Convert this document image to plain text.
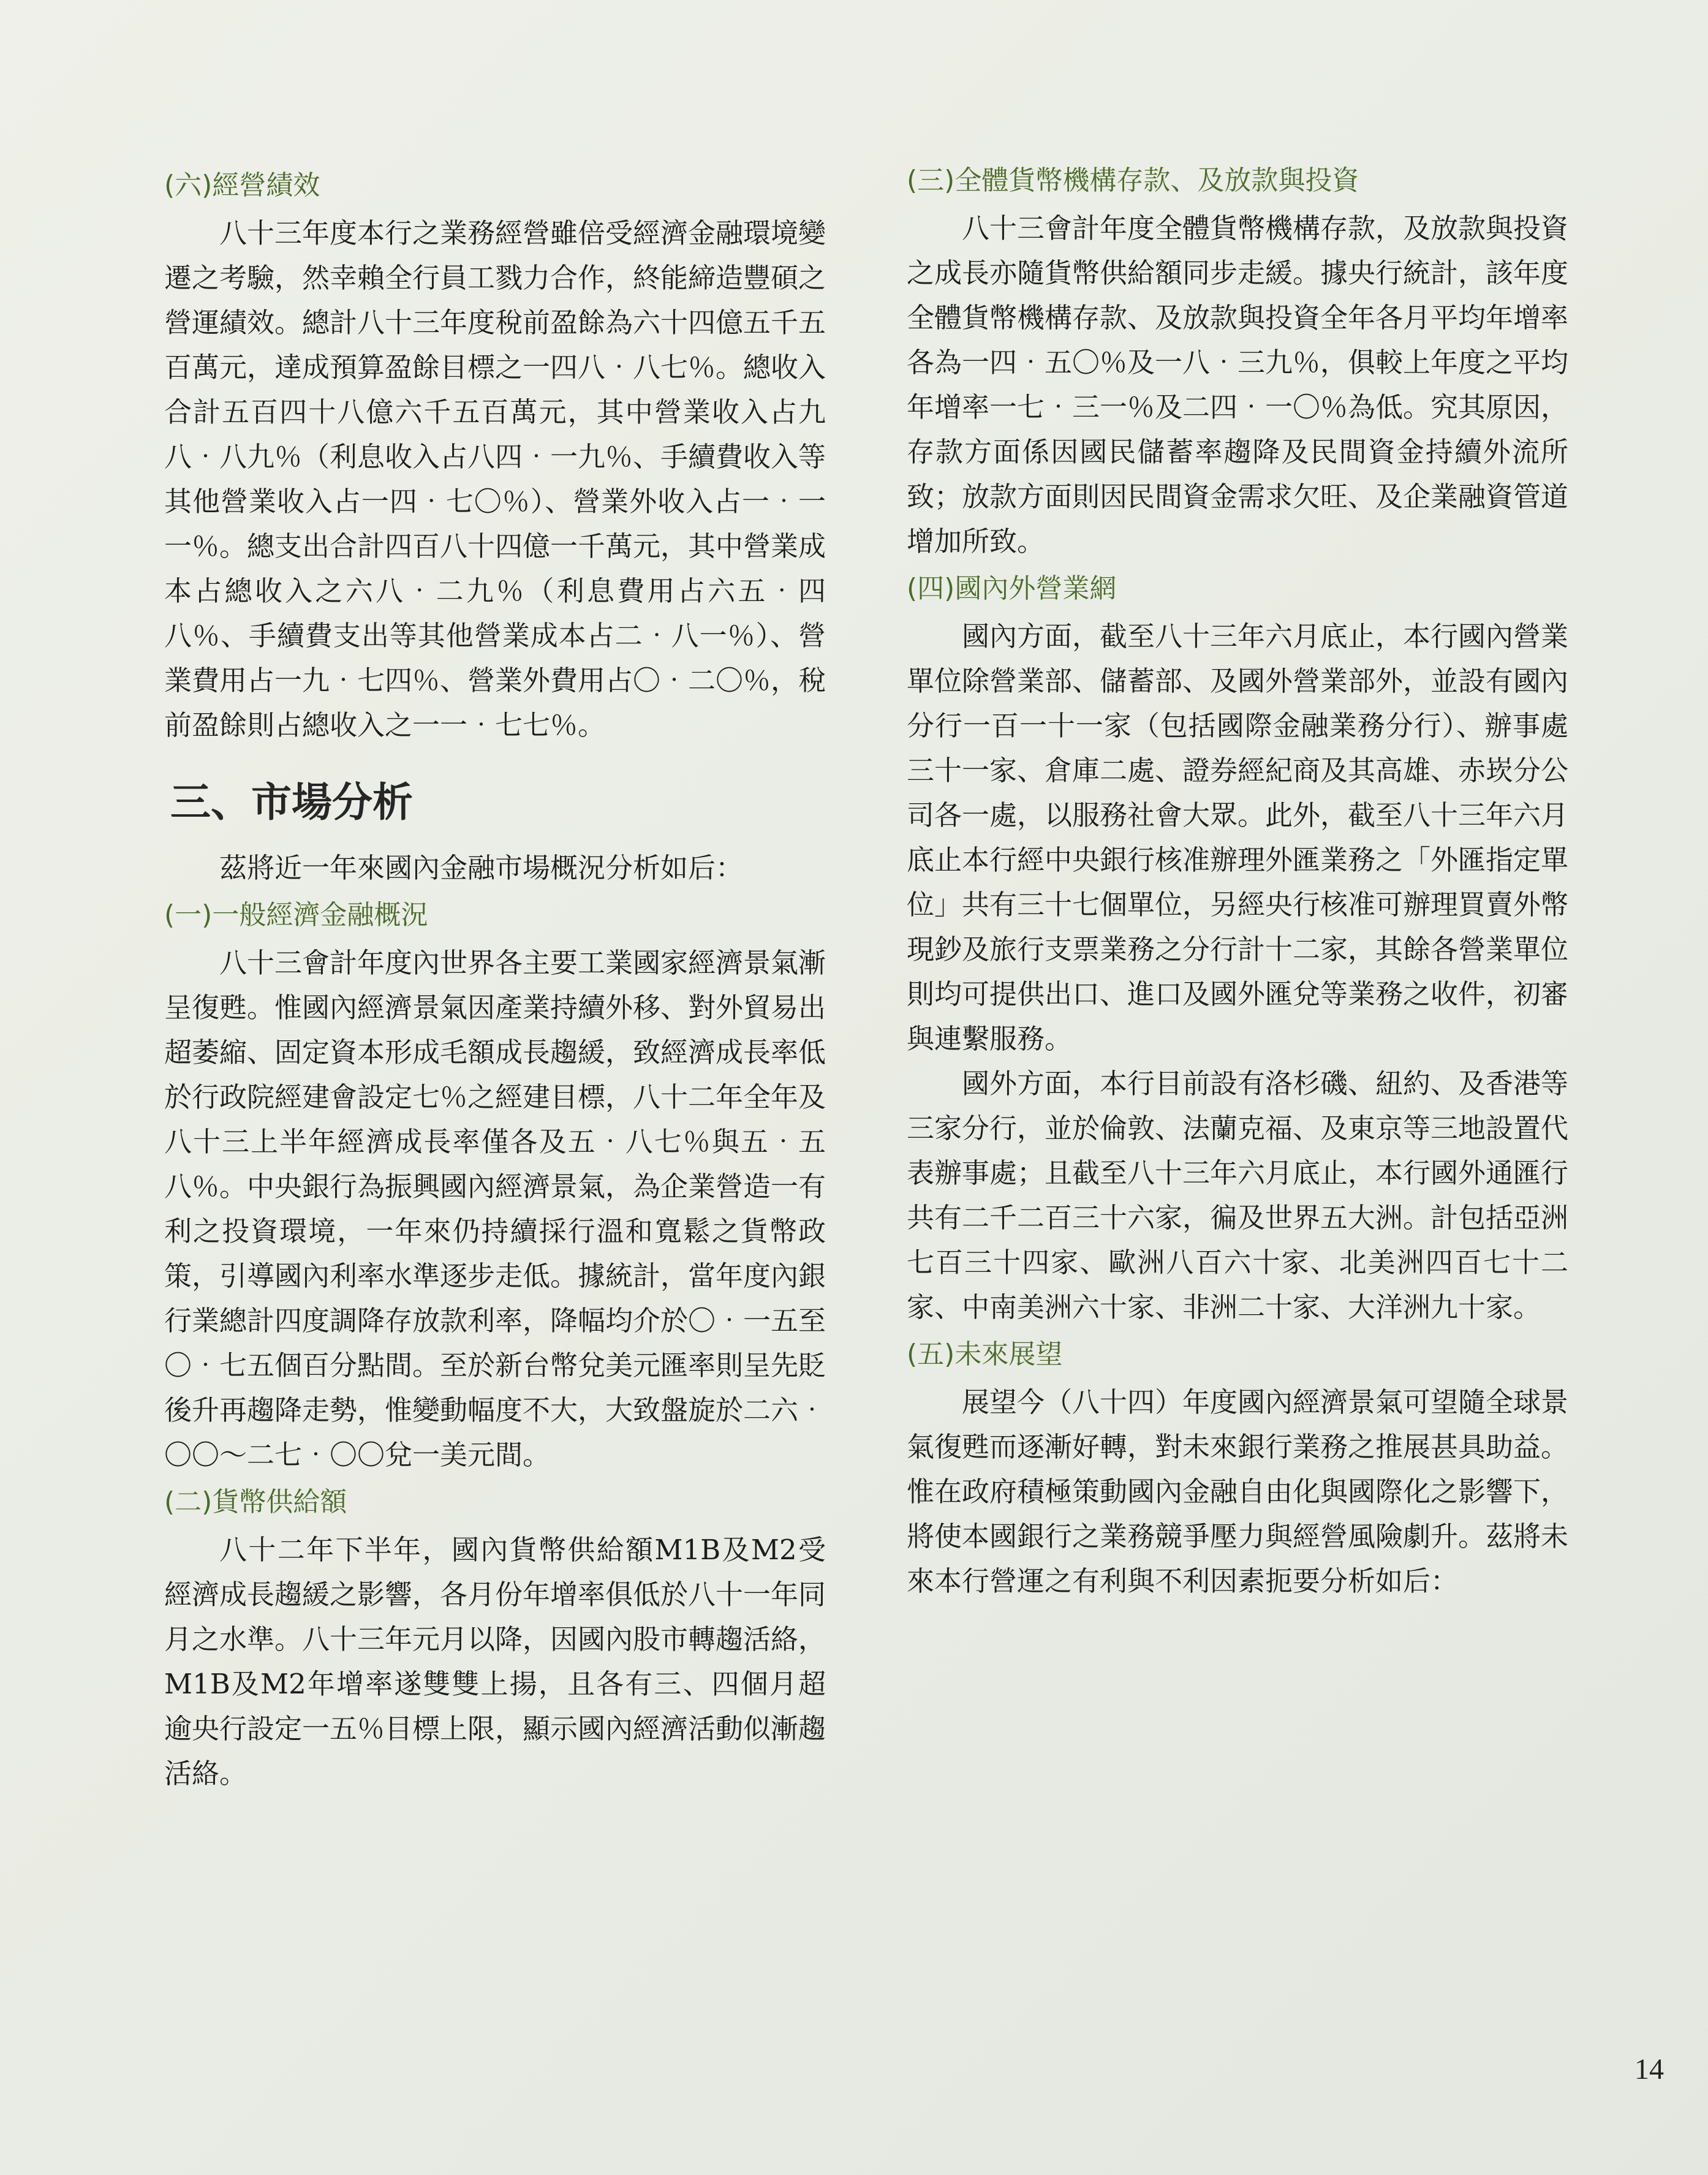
(六)經營績效

八十三年度本行之業務經營雖倍受經濟金融環境變遷之考驗，然幸賴全行員工戮力合作，終能締造豐碩之營運績效。總計八十三年度稅前盈餘為六十四億五千五百萬元，達成預算盈餘目標之一四八‧八七％。總收入合計五百四十八億六千五百萬元，其中營業收入占九八‧八九％（利息收入占八四‧一九％、手續費收入等其他營業收入占一四‧七〇％）、營業外收入占一‧一一％。總支出合計四百八十四億一千萬元，其中營業成本占總收入之六八‧二九％（利息費用占六五‧四八％、手續費支出等其他營業成本占二‧八一％）、營業費用占一九‧七四％、營業外費用占〇‧二〇％，稅前盈餘則占總收入之一一‧七七％。

三、市場分析

茲將近一年來國內金融市場概況分析如后：

(一)一般經濟金融概況

八十三會計年度內世界各主要工業國家經濟景氣漸呈復甦。惟國內經濟景氣因產業持續外移、對外貿易出超萎縮、固定資本形成毛額成長趨緩，致經濟成長率低於行政院經建會設定七％之經建目標，八十二年全年及八十三上半年經濟成長率僅各及五‧八七％與五‧五八％。中央銀行為振興國內經濟景氣，為企業營造一有利之投資環境，一年來仍持續採行溫和寬鬆之貨幣政策，引導國內利率水準逐步走低。據統計，當年度內銀行業總計四度調降存放款利率，降幅均介於〇‧一五至〇‧七五個百分點間。至於新台幣兌美元匯率則呈先貶後升再趨降走勢，惟變動幅度不大，大致盤旋於二六‧〇〇～二七‧〇〇兌一美元間。

(二)貨幣供給額

八十二年下半年，國內貨幣供給額M1B及M2受經濟成長趨緩之影響，各月份年增率俱低於八十一年同月之水準。八十三年元月以降，因國內股市轉趨活絡，M1B及M2年增率遂雙雙上揚，且各有三、四個月超逾央行設定一五％目標上限，顯示國內經濟活動似漸趨活絡。

(三)全體貨幣機構存款、及放款與投資

八十三會計年度全體貨幣機構存款，及放款與投資之成長亦隨貨幣供給額同步走緩。據央行統計，該年度全體貨幣機構存款、及放款與投資全年各月平均年增率各為一四‧五〇％及一八‧三九％，俱較上年度之平均年增率一七‧三一％及二四‧一〇％為低。究其原因，存款方面係因國民儲蓄率趨降及民間資金持續外流所致；放款方面則因民間資金需求欠旺、及企業融資管道增加所致。

(四)國內外營業網

國內方面，截至八十三年六月底止，本行國內營業單位除營業部、儲蓄部、及國外營業部外，並設有國內分行一百一十一家（包括國際金融業務分行）、辦事處三十一家、倉庫二處、證券經紀商及其高雄、赤崁分公司各一處，以服務社會大眾。此外，截至八十三年六月底止本行經中央銀行核准辦理外匯業務之「外匯指定單位」共有三十七個單位，另經央行核准可辦理買賣外幣現鈔及旅行支票業務之分行計十二家，其餘各營業單位則均可提供出口、進口及國外匯兌等業務之收件，初審與連繫服務。

國外方面，本行目前設有洛杉磯、紐約、及香港等三家分行，並於倫敦、法蘭克福、及東京等三地設置代表辦事處；且截至八十三年六月底止，本行國外通匯行共有二千二百三十六家，徧及世界五大洲。計包括亞洲七百三十四家、歐洲八百六十家、北美洲四百七十二家、中南美洲六十家、非洲二十家、大洋洲九十家。

(五)未來展望

展望今（八十四）年度國內經濟景氣可望隨全球景氣復甦而逐漸好轉，對未來銀行業務之推展甚具助益。惟在政府積極策動國內金融自由化與國際化之影響下，將使本國銀行之業務競爭壓力與經營風險劇升。茲將未來本行營運之有利與不利因素扼要分析如后：

14
